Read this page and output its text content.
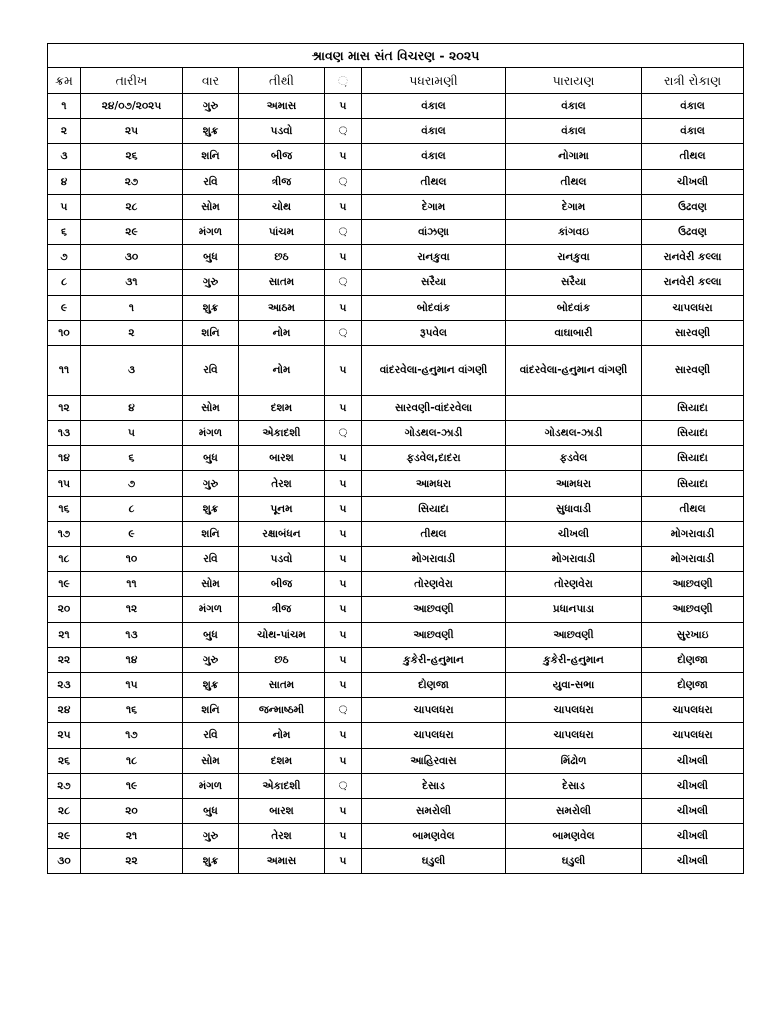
શ્રાવણ માસ સંત વિચરણ - ૨૦૨૫							
ક્રમ	તારીખ	વાર	તીથી	઼	પધરામણી	પારાયણ	રાત્રી રોકાણ
૧	૨૪/૦૭/૨૦૨૫	ગુરુ	અમાસ	૫	વંકાલ	વંકાલ	વંકાલ
૨	૨૫	શુક્ર	પડવો	઼	વંકાલ	વંકાલ	વંકાલ
૩	૨૬	શનિ	બીજ	૫	વંકાલ	નોગામા	તીથલ
૪	૨૭	રવિ	ત્રીજ	઼	તીથલ	તીથલ	ચીખલી
૫	૨૮	સોમ	ચોથ	૫	દેગામ	દેગામ	ઉઢવણ
૬	૨૯	મંગળ	પાંચમ	઼	વાંઝણા	કાંગવઇ	ઉઢવણ
૭	૩૦	બુધ	છઠ	૫	રાનકુવા	રાનકુવા	રાનવેરી કલ્લા
૮	૩૧	ગુરુ	સાતમ	઼	સરૈયા	સરૈયા	રાનવેરી કલ્લા
૯	૧	શુક્ર	આઠમ	૫	બોદવાંક	બોદવાંક	ચાપલધરા
૧૦	૨	શનિ	નોમ	઼	રૂપવેલ	વાઘાબારી	સારવણી
૧૧	૩	રવિ	નોમ	૫	વાંદરવેલા-હનુમાન વાંગણી	વાંદરવેલા-હનુમાન વાંગણી	સારવણી
૧૨	૪	સોમ	દશમ	૫	સારવણી-વાંદરવેલા		સિયાદા
૧૩	૫	મંગળ	એકાદશી	઼	ગોડથલ-ઝાડી	ગોડથલ-ઝાડી	સિયાદા
૧૪	૬	બુધ	બારશ	૫	ફડવેલ,દાદરા	ફડવેલ	સિયાદા
૧૫	૭	ગુરુ	તેરશ	૫	આમધરા	આમધરા	સિયાદા
૧૬	૮	શુક્ર	પૂનમ	૫	સિયાદા	સુધાવાડી	તીથલ
૧૭	૯	શનિ	રક્ષાબંધન	૫	તીથલ	ચીખલી	મોગરાવાડી
૧૮	૧૦	રવિ	પડવો	૫	મોગરાવાડી	મોગરાવાડી	મોગરાવાડી
૧૯	૧૧	સોમ	બીજ	૫	તોરણવેરા	તોરણવેરા	આછવણી
૨૦	૧૨	મંગળ	ત્રીજ	૫	આછવણી	પ્રધાનપાડા	આછવણી
૨૧	૧૩	બુધ	ચોથ-પાંચમ	૫	આછવણી	આછવણી	સુરખાઇ
૨૨	૧૪	ગુરુ	છઠ	૫	કુકેરી-હનુમાન	કુકેરી-હનુમાન	દોણજા
૨૩	૧૫	શુક્ર	સાતમ	૫	દોણજા	યુવા-સભા	દોણજા
૨૪	૧૬	શનિ	જન્માષ્ઠમી	઼	ચાપલધરા	ચાપલધરા	ચાપલધરા
૨૫	૧૭	રવિ	નોમ	૫	ચાપલધરા	ચાપલધરા	ચાપલધરા
૨૬	૧૮	સોમ	દશમ	૫	આહિરવાસ	મિંઢોળ	ચીખલી
૨૭	૧૯	મંગળ	એકાદશી	઼	દેસાડ	દેસાડ	ચીખલી
૨૮	૨૦	બુધ	બારશ	૫	સમરોલી	સમરોલી	ચીખલી
૨૯	૨૧	ગુરુ	તેરશ	૫	બામણવેલ	બામણવેલ	ચીખલી
૩૦	૨૨	શુક્ર	અમાસ	૫	ઘડુલી	ઘડુલી	ચીખલી
